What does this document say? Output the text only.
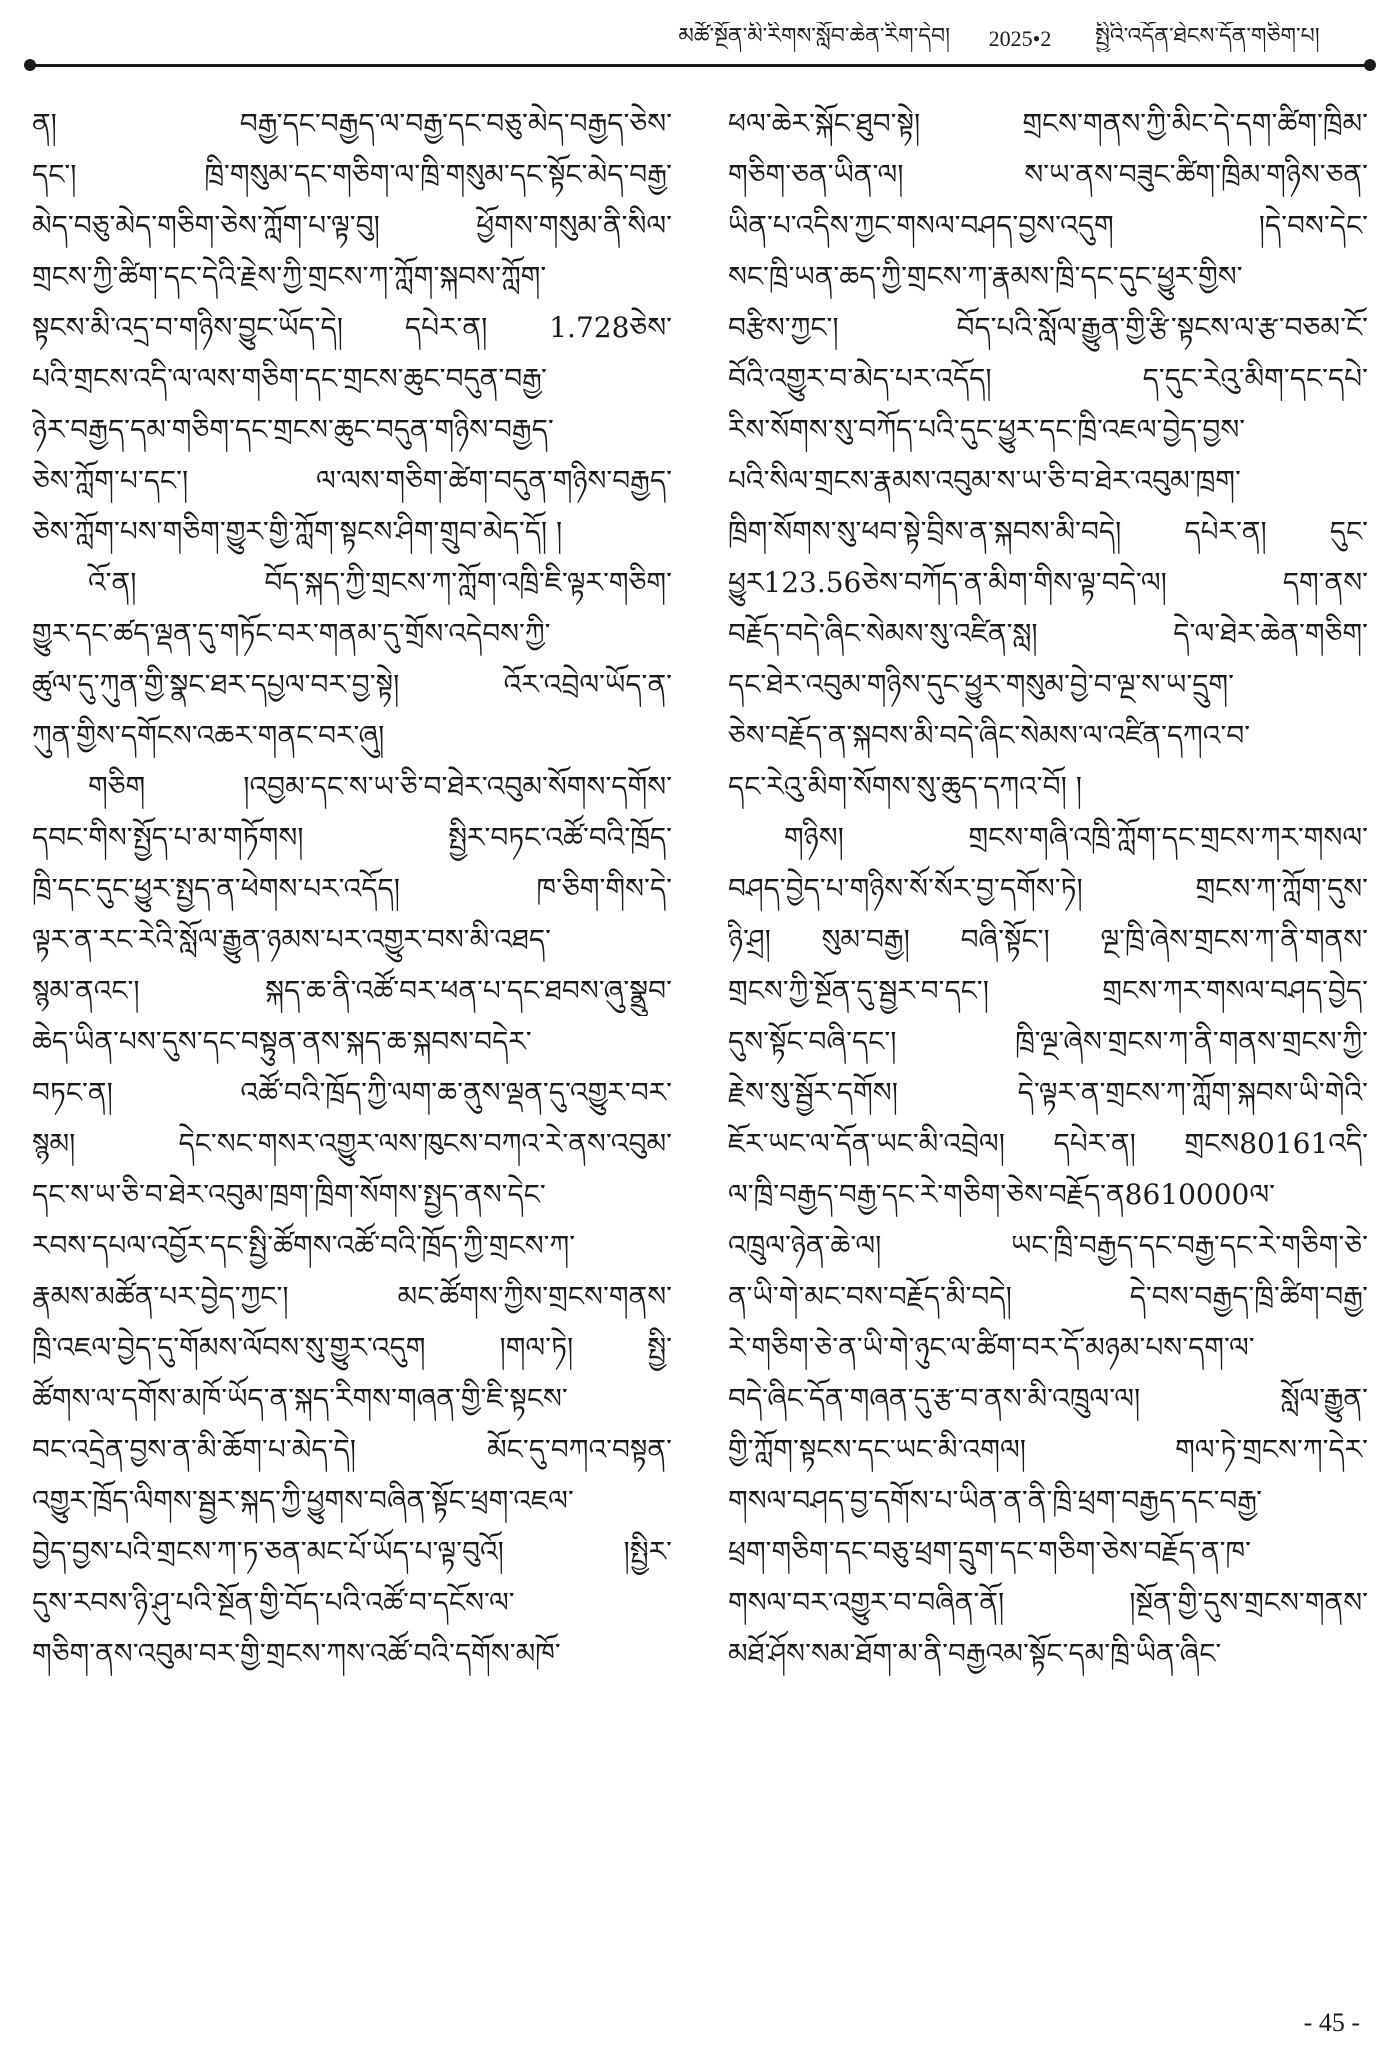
མཚོ་སྔོན་མི་རིགས་སློབ་ཆེན་རིག་དེབ།	2025•2	སྤྱིའི་འདོན་ཐེངས་དོན་གཅིག་པ།
ན། བརྒྱ་དང་བརྒྱད་ལ་བརྒྱ་དང་བཅུ་མེད་བརྒྱད་ཅེས་
དང་། ཁྲི་གསུམ་དང་གཅིག་ལ་ཁྲི་གསུམ་དང་སྟོང་མེད་བརྒྱ་
མེད་བཅུ་མེད་གཅིག་ཅེས་ཀློག་པ་ལྟ་བུ། ཕྱོགས་གསུམ་ནི་སིལ་
གྲངས་ཀྱི་ཚིག་དང་དེའི་རྗེས་ཀྱི་གྲངས་ཀ་ཀློག་སྐབས་ཀློག་
སྟངས་མི་འདྲ་བ་གཉིས་བྱུང་ཡོད་དེ། དཔེར་ན། 1.728ཅེས་
པའི་གྲངས་འདི་ལ་ལས་གཅིག་དང་གྲངས་ཆུང་བདུན་བརྒྱ་
ཉེར་བརྒྱད་དམ་གཅིག་དང་གྲངས་ཆུང་བདུན་གཉིས་བརྒྱད་
ཅེས་ཀློག་པ་དང་། ལ་ལས་གཅིག་ཚེག་བདུན་གཉིས་བརྒྱད་
ཅེས་ཀློག་པས་གཅིག་གྱུར་གྱི་ཀློག་སྟངས་ཤིག་གྲུབ་མེད་དོ། །
འོ་ན། བོད་སྐད་ཀྱི་གྲངས་ཀ་ཀློག་འཁྲི་ཇི་ལྟར་གཅིག་
གྱུར་དང་ཚད་ལྡན་དུ་གཏོང་བར་གནམ་དུ་གྲོས་འདེབས་ཀྱི་
ཚུལ་དུ་ཀུན་གྱི་སྣང་ཐར་དཔྱལ་བར་བྱ་སྟེ། འོར་འབྲེལ་ཡོད་ན་
ཀུན་གྱིས་དགོངས་འཆར་གནང་བར་ཞུ།
གཅིག །འབྱམ་དང་ས་ཡ་ཅི་བ་ཐེར་འབུམ་སོགས་དགོས་
དབང་གིས་སྤྱོད་པ་མ་གཏོགས། སྤྱིར་བཏང་འཚོ་བའི་ཁྲོད་
ཁྲི་དང་དུང་ཕྱུར་སྤྱད་ན་ཕེགས་པར་འདོད། ཁ་ཅིག་གིས་དེ་
ལྟར་ན་རང་རེའི་སློལ་རྒྱུན་ཉམས་པར་འགྱུར་བས་མི་འཐད་
སྙམ་ནའང་། སྐད་ཆ་ནི་འཚོ་བར་ཕན་པ་དང་ཐབས་ཞུ་སྣྲུབ་
ཆེད་ཡིན་པས་དུས་དང་བསྟུན་ནས་སྐད་ཆ་སྐབས་བདེར་
བཏང་ན། འཚོ་བའི་ཁྲོད་ཀྱི་ལག་ཆ་ནུས་ལྡན་དུ་འགྱུར་བར་
སྙམ། དེང་སང་གསར་འགྱུར་ལས་ཁུངས་བཀའ་རེ་ནས་འབུམ་
དང་ས་ཡ་ཅི་བ་ཐེར་འབུམ་ཁྲག་ཁྲིག་སོགས་སྤྱད་ནས་དེང་
རབས་དཔལ་འབྱོར་དང་སྤྱི་ཚོགས་འཚོ་བའི་ཁྲོད་ཀྱི་གྲངས་ཀ་
རྣམས་མཚོན་པར་བྱེད་ཀྱང་། མང་ཚོགས་ཀྱིས་གྲངས་གནས་
ཁྲི་འཇལ་བྱེད་དུ་གོམས་ལོབས་སུ་གྱུར་འདུག །གལ་ཏེ། སྤྱི་
ཚོགས་ལ་དགོས་མཁོ་ཡོད་ན་སྐད་རིགས་གཞན་གྱི་ཇི་སྟངས་
བང་འདྲེན་བྱས་ན་མི་ཆོག་པ་མེད་དེ། མོང་དུ་བཀའ་བསྟན་
འགྱུར་ཁྲོད་ལིགས་སྦྱར་སྐད་ཀྱི་ཕྱུགས་བཞིན་སྟོང་ཕྲག་འཇལ་
བྱེད་བྱས་པའི་གྲངས་ཀ་ཏ་ཅན་མང་པོ་ཡོད་པ་ལྟ་བུའོ། །སྤྱིར་
དུས་རབས་ཉི་ཤུ་པའི་སྔོན་གྱི་བོད་པའི་འཚོ་བ་དངོས་ལ་
གཅིག་ནས་འབུམ་བར་གྱི་གྲངས་ཀས་འཚོ་བའི་དགོས་མཁོ་
ཕལ་ཆེར་སྐོང་ཐུབ་སྟེ། གྲངས་གནས་ཀྱི་མིང་དེ་དག་ཚིག་ཁྲིམ་
གཅིག་ཅན་ཡིན་ལ། ས་ཡ་ནས་བཟུང་ཚིག་ཁྲིམ་གཉིས་ཅན་
ཡིན་པ་འདིས་ཀྱང་གསལ་བཤད་བྱས་འདུག །དེ་བས་དེང་
སང་ཁྲི་ཡན་ཆད་ཀྱི་གྲངས་ཀ་རྣམས་ཁྲི་དང་དུང་ཕྱུར་གྱིས་
བརྩིས་ཀྱང་། བོད་པའི་སློལ་རྒྱུན་གྱི་རྩི་སྟངས་ལ་རྩ་བཅམ་ངོ་
བོའི་འགྱུར་བ་མེད་པར་འདོད། ད་དུང་རེའུ་མིག་དང་དཔེ་
རིས་སོགས་སུ་བཀོད་པའི་དུང་ཕྱུར་དང་ཁྲི་འཇལ་བྱེད་བྱས་
པའི་སིལ་གྲངས་རྣམས་འབུམ་ས་ཡ་ཅི་བ་ཐེར་འབུམ་ཁྲག་
ཁྲིག་སོགས་སུ་ཕབ་སྟེ་བྲིས་ན་སྐབས་མི་བདེ། དཔེར་ན། དུང་
ཕྱུར123.56ཅེས་བཀོད་ན་མིག་གིས་ལྟ་བདེ་ལ། དག་ནས་
བརྗོད་བདེ་ཞིང་སེམས་སུ་འཛིན་སླ། དེ་ལ་ཐེར་ཆེན་གཅིག་
དང་ཐེར་འབུམ་གཉིས་དུང་ཕྱུར་གསུམ་བྱེ་བ་ལྔ་ས་ཡ་དྲུག་
ཅེས་བརྗོད་ན་སྐབས་མི་བདེ་ཞིང་སེམས་ལ་འཛིན་དཀའ་བ་
དང་རེའུ་མིག་སོགས་སུ་ཆུད་དཀའ་བོ། །
གཉིས། གྲངས་གཞི་འཁྲི་ཀློག་དང་གྲངས་ཀར་གསལ་
བཤད་བྱེད་པ་གཉིས་སོ་སོར་བྱ་དགོས་ཏེ། གྲངས་ཀ་ཀློག་དུས་
ཉི་ཤྲ། སུམ་བརྒྱ། བཞི་སྟོང་། ལྔ་ཁྲི་ཞེས་གྲངས་ཀ་ནི་གནས་
གྲངས་ཀྱི་སྔོན་དུ་སྦྱར་བ་དང་། གྲངས་ཀར་གསལ་བཤད་བྱེད་
དུས་སྟོང་བཞི་དང་། ཁྲི་ལྔ་ཞེས་གྲངས་ཀ་ནི་གནས་གྲངས་ཀྱི་
རྗེས་སུ་སྦྱོར་དགོས། དེ་ལྟར་ན་གྲངས་ཀ་ཀློག་སྐབས་ཡི་གེའི་
ཇོར་ཡང་ལ་དོན་ཡང་མི་འབྲེལ། དཔེར་ན། གྲངས80161འདི་
ལ་ཁྲི་བརྒྱད་བརྒྱ་དང་རེ་གཅིག་ཅེས་བརྗོད་ན8610000ལ་
འཁྲུལ་ཉེན་ཆེ་ལ། ཡང་ཁྲི་བརྒྱད་དང་བརྒྱ་དང་རེ་གཅིག་ཅེ་
ན་ཡི་གེ་མང་བས་བརྗོད་མི་བདེ། དེ་བས་བརྒྱད་ཁྲི་ཚིག་བརྒྱ་
རེ་གཅིག་ཅེ་ན་ཡི་གེ་ཉུང་ལ་ཚིག་བར་དོ་མཉམ་པས་དག་ལ་
བདེ་ཞིང་དོན་གཞན་དུ་རྩ་བ་ནས་མི་འཁྲུལ་ལ། སློལ་རྒྱུན་
གྱི་ཀློག་སྟངས་དང་ཡང་མི་འགལ། གལ་ཏེ་གྲངས་ཀ་དེར་
གསལ་བཤད་བྱ་དགོས་པ་ཡིན་ན་ནི་ཁྲི་ཕྲག་བརྒྱད་དང་བརྒྱ་
ཕྲག་གཅིག་དང་བཅུ་ཕྲག་དྲུག་དང་གཅིག་ཅེས་བརྗོད་ན་ཁ་
གསལ་བར་འགྱུར་བ་བཞིན་ནོ། །སྔོན་གྱི་དུས་གྲངས་གནས་
མཐོ་ཤོས་སམ་ཐོག་མ་ནི་བརྒྱའམ་སྟོང་དམ་ཁྲི་ཡིན་ཞིང་
- 45 -
